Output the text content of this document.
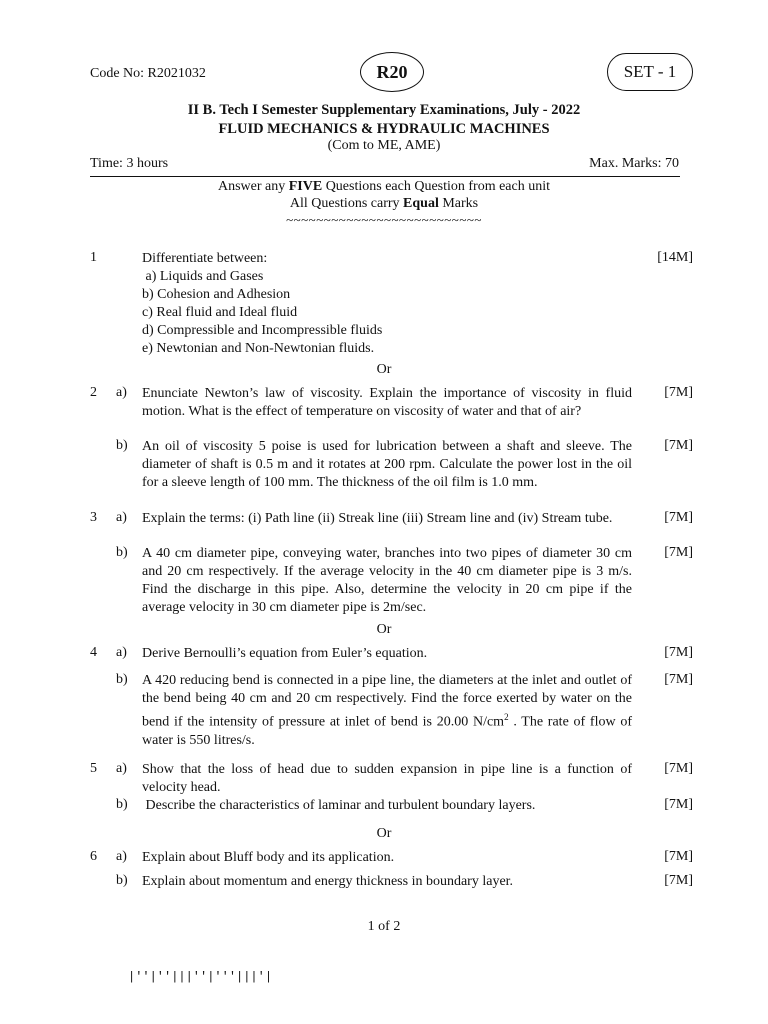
Code No: R2021032	R20	SET - 1
II B. Tech I Semester Supplementary Examinations, July - 2022
FLUID MECHANICS & HYDRAULIC MACHINES
(Com to ME, AME)
Time: 3 hours	Max. Marks: 70
Answer any FIVE Questions each Question from each unit
All Questions carry Equal Marks
~~~~~~~~~~~~~~~~~~~~~~~~~~
1	Differentiate between:
a) Liquids and Gases
b) Cohesion and Adhesion
c) Real fluid and Ideal fluid
d) Compressible and Incompressible fluids
e) Newtonian and Non-Newtonian fluids.
[14M]
Or
2	a)	Enunciate Newton’s law of viscosity. Explain the importance of viscosity in fluid motion. What is the effect of temperature on viscosity of water and that of air?
[7M]
b)	An oil of viscosity 5 poise is used for lubrication between a shaft and sleeve. The diameter of shaft is 0.5 m and it rotates at 200 rpm. Calculate the power lost in the oil for a sleeve length of 100 mm. The thickness of the oil film is 1.0 mm.
[7M]
3	a)	Explain the terms: (i) Path line (ii) Streak line (iii) Stream line and (iv) Stream tube.	[7M]
b)	A 40 cm diameter pipe, conveying water, branches into two pipes of diameter 30 cm and 20 cm respectively. If the average velocity in the 40 cm diameter pipe is 3 m/s. Find the discharge in this pipe. Also, determine the velocity in 20 cm pipe if the average velocity in 30 cm diameter pipe is 2m/sec.
[7M]
Or
4	a)	Derive Bernoulli’s equation from Euler’s equation.	[7M]
b)	A 420 reducing bend is connected in a pipe line, the diameters at the inlet and outlet of the bend being 40 cm and 20 cm respectively. Find the force exerted by water on the bend if the intensity of pressure at inlet of bend is 20.00 $N/cm^2$ . The rate of flow of water is 550 litres/s.
[7M]
5	a)	Show that the loss of head due to sudden expansion in pipe line is a function of velocity head.
[7M]
b)	Describe the characteristics of laminar and turbulent boundary layers.	[7M]
Or
6	a)	Explain about Bluff body and its application.	[7M]
b)	Explain about momentum and energy thickness in boundary layer.	[7M]
1 of 2
|''|''|||''|'''|||'|
